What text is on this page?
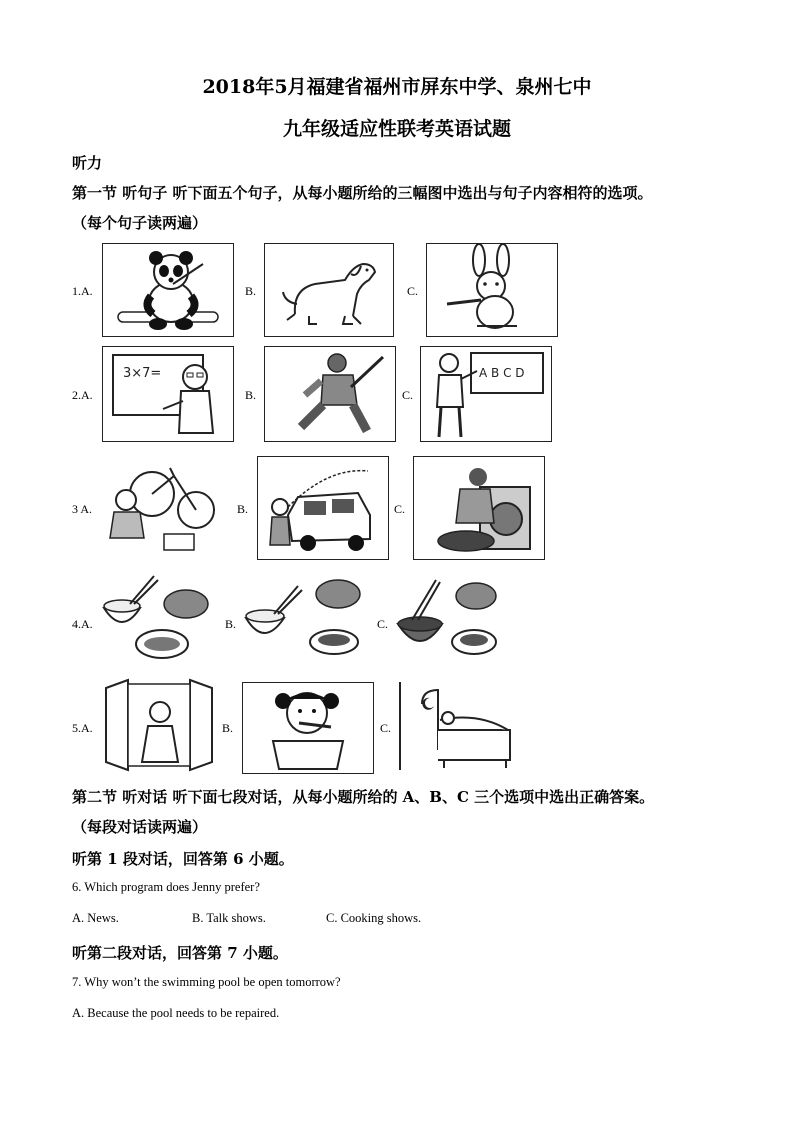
2018年5月福建省福州市屏东中学、泉州七中
九年级适应性联考英语试题
听力
第一节 听句子 听下面五个句子，从每小题所给的三幅图中选出与句子内容相符的选项。
（每个句子读两遍）
1.A.	B.	C.
2.A.
3×7=
B.	C.
A B C D
3 A.	B.	C.
4.A.	B.	C.
5.A.	B.	C.
第二节 听对话 听下面七段对话，从每小题所给的 A、B、C 三个选项中选出正确答案。
（每段对话读两遍）
听第 1 段对话，回答第 6 小题。
6. Which program does Jenny prefer?
A. News.	B. Talk shows.	C. Cooking shows.
听第二段对话，回答第 7 小题。
7. Why won’t the swimming pool be open tomorrow?
A. Because the pool needs to be repaired.
